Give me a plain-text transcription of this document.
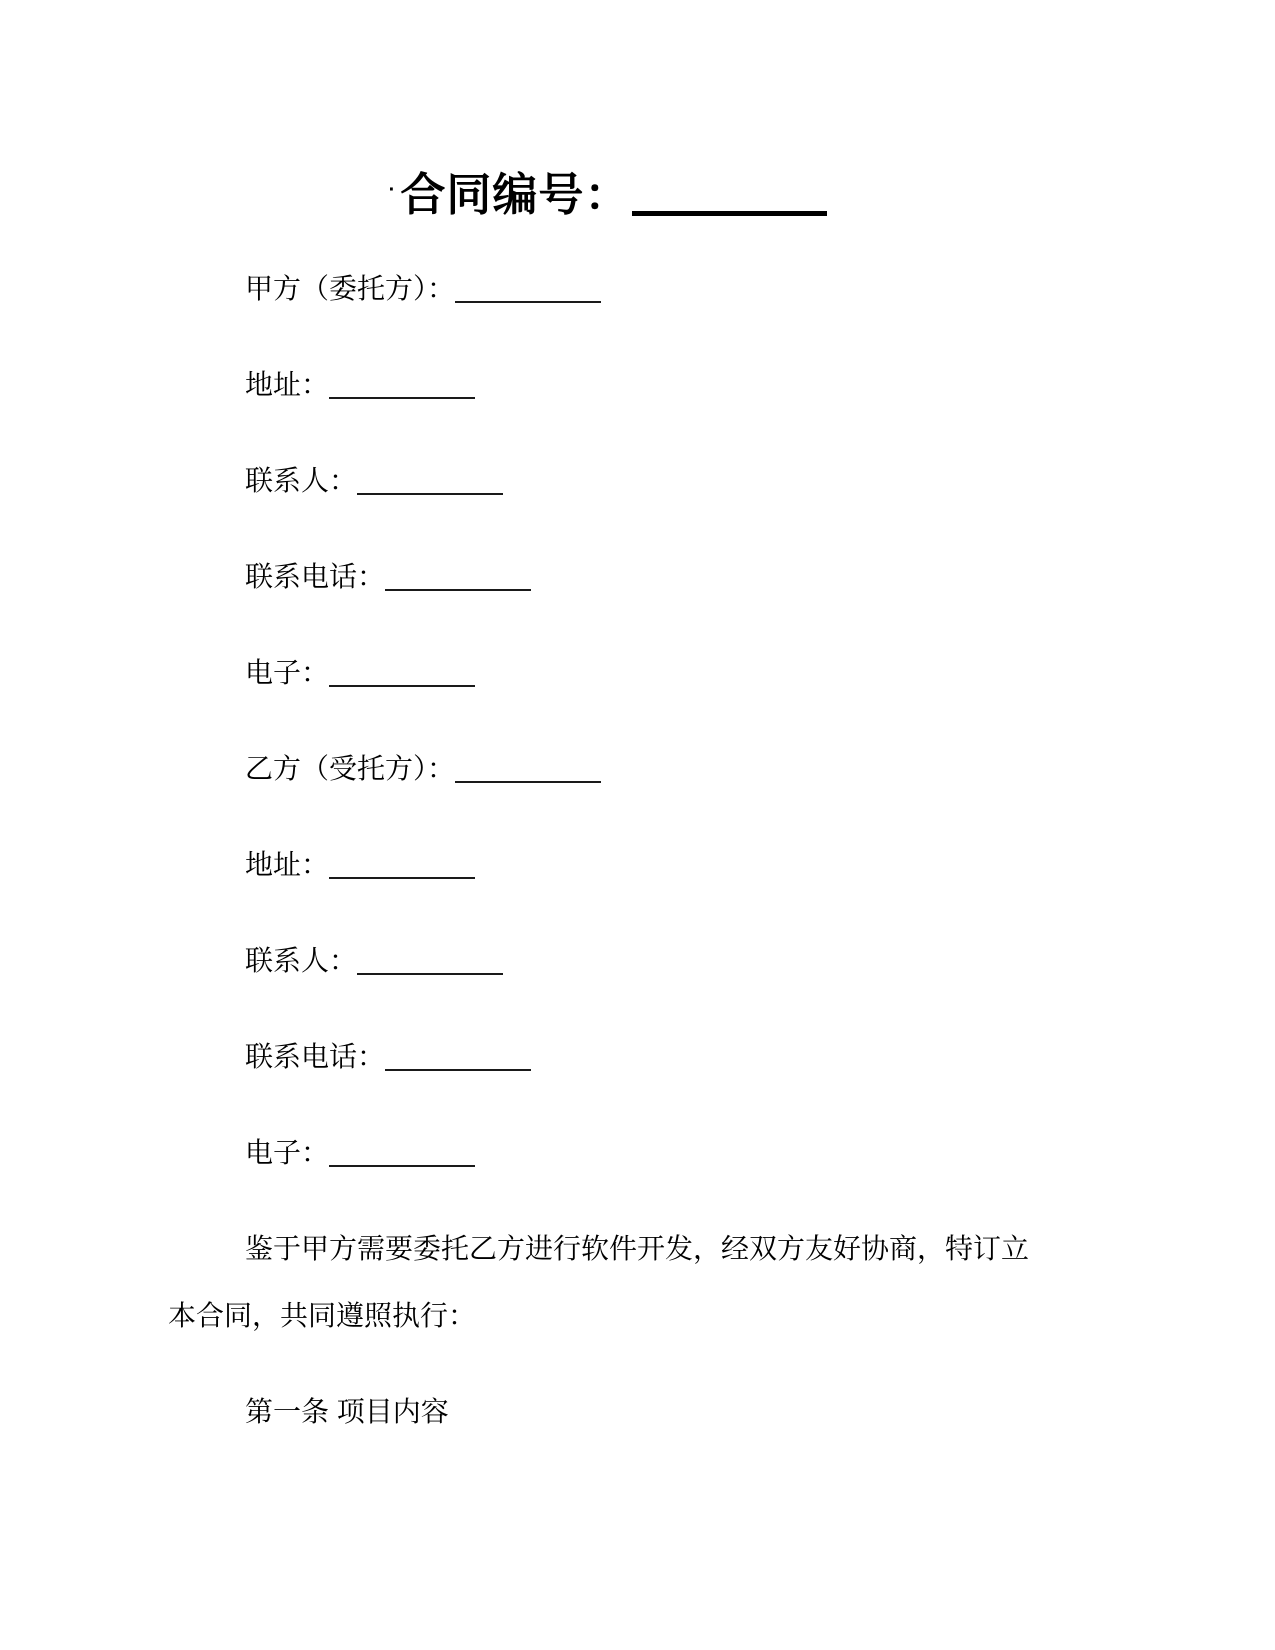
·合同编号：

甲方（委托方）：

地址：

联系人：

联系电话：

电子：

乙方（受托方）：

地址：

联系人：

联系电话：

电子：

鉴于甲方需要委托乙方进行软件开发，经双方友好协商，特订立本合同，共同遵照执行：

第一条 项目内容
